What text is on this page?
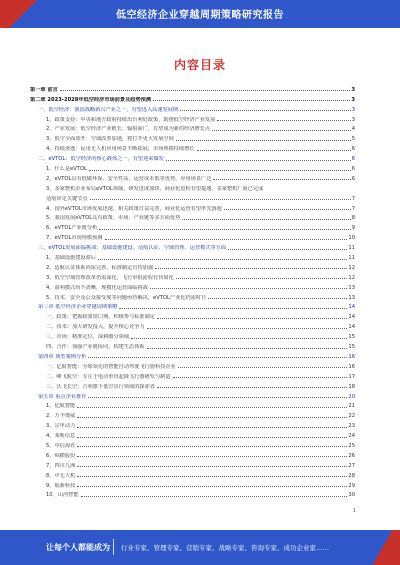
低空经济企业穿越周期策略研究报告
内容目录
第一章 前言	3
第二章 2023-2028年低空经济市场前景及趋势预测	3
一、低空经济：我国战略新兴产业之一，有望进入高速发展期	3
1、政策支持：中央和地方政府持续出台利好政策，助推低空经济产业发展	3
2、产业发展：低空经济产业链长、辐射面广，有望成为新的经济增长点	4
3、低空全面放开：空域改革加速，将打开更大发展空间	5
4、持续渗透：民用无人机应用场景不断拓展，市场规模持续增长	6
二、eVTOL：低空经济的核心载体之一，有望迎来爆发	6
1、什么是eVTOL	6
2、eVTOL具有低碳环保、安全性高、运营成本低等优势，应用场景广泛	6
3、多家整机企业布局eVTOL领域，研发进度加快，商业化进程有望提速，多家整机厂商已完成
适航审定关键节点	7
4、国外eVTOL市场发展迅速，相关政策日益完善，商业化运营有望率先落地	7
5、我国发展eVTOL具有政策、市场、产业链等多方面优势	8
6、eVTOL产业链分析	9
7、eVTOL市场规模预测	10
三、eVTOL发展面临挑战：基础设施建设、适航认证、空域管理、运营模式等方面	11
1、基础设施建设滞后	11
2、适航认证体系尚需完善，标准制定有待加强	12
3、低空空域管理改革仍需深化，飞行审批流程有待简化	12
4、盈利模式尚不清晰，规模化运营面临挑战	13
5、技术、安全及公众接受度等问题亟待解决，eVTOL产业化仍需时日	13
第三章 低空经济企业穿越周期策略	14
一、政策：把握政策窗口期，积极参与标准制定	14
二、技术：加大研发投入，提升核心竞争力	14
三、市场：精准定位，深耕细分领域	15
四、合作：加强产业链协同，构建生态体系	15
第四章 典型案例分析	16
一、亿航智能：全球领先的智能自动驾驶飞行器科技企业	16
二、峰飞航空：专注于电动垂直起降飞行器研发与制造	17
三、沃飞长空：吉利旗下低空出行领域的探索者	18
第五章 重点企业推荐	20
1、亿航智能	21
2、万丰奥威	22
3、宗申动力	23
4、莱斯信息	24
5、中信海直	25
6、纵横股份	26
7、四川九洲	27
8、中无人机	28
9、航新科技	29
10、山河智能	30
1
让每个人都能成为 行业专家、管理专家、营销专家、战略专家、咨询专家、成功企业家……
